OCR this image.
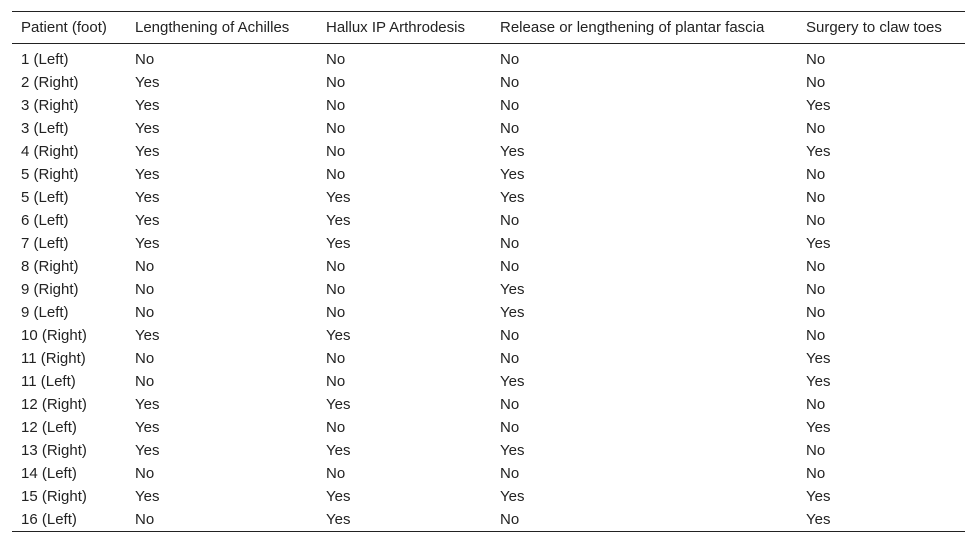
Patient (foot)	Lengthening of Achilles	Hallux IP Arthrodesis	Release or lengthening of plantar fascia	Surgery to claw toes
1 (Left)	No	No	No	No
2 (Right)	Yes	No	No	No
3 (Right)	Yes	No	No	Yes
3 (Left)	Yes	No	No	No
4 (Right)	Yes	No	Yes	Yes
5 (Right)	Yes	No	Yes	No
5 (Left)	Yes	Yes	Yes	No
6 (Left)	Yes	Yes	No	No
7 (Left)	Yes	Yes	No	Yes
8 (Right)	No	No	No	No
9 (Right)	No	No	Yes	No
9 (Left)	No	No	Yes	No
10 (Right)	Yes	Yes	No	No
11 (Right)	No	No	No	Yes
11 (Left)	No	No	Yes	Yes
12 (Right)	Yes	Yes	No	No
12 (Left)	Yes	No	No	Yes
13 (Right)	Yes	Yes	Yes	No
14 (Left)	No	No	No	No
15 (Right)	Yes	Yes	Yes	Yes
16 (Left)	No	Yes	No	Yes
